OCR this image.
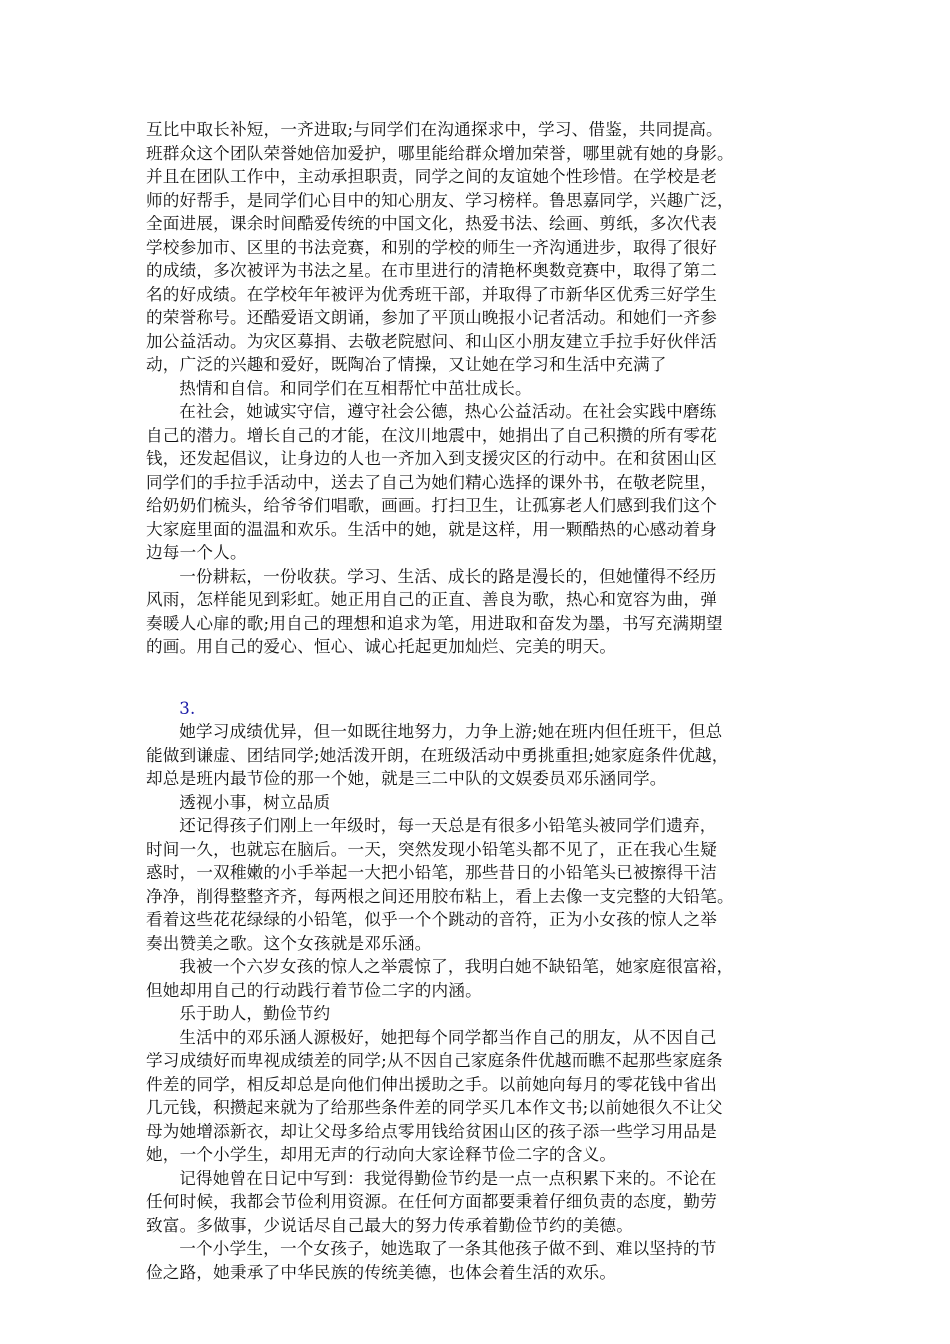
互比中取长补短，一齐进取;与同学们在沟通探求中，学习、借鉴，共同提高。
班群众这个团队荣誉她倍加爱护，哪里能给群众增加荣誉，哪里就有她的身影。
并且在团队工作中，主动承担职责，同学之间的友谊她个性珍惜。在学校是老
师的好帮手，是同学们心目中的知心朋友、学习榜样。鲁思嘉同学，兴趣广泛，
全面进展，课余时间酷爱传统的中国文化，热爱书法、绘画、剪纸，多次代表
学校参加市、区里的书法竞赛，和别的学校的师生一齐沟通进步，取得了很好
的成绩，多次被评为书法之星。在市里进行的清艳杯奥数竞赛中，取得了第二
名的好成绩。在学校年年被评为优秀班干部，并取得了市新华区优秀三好学生
的荣誉称号。还酷爱语文朗诵，参加了平顶山晚报小记者活动。和她们一齐参
加公益活动。为灾区募捐、去敬老院慰问、和山区小朋友建立手拉手好伙伴活
动，广泛的兴趣和爱好，既陶冶了情操，又让她在学习和生活中充满了
热情和自信。和同学们在互相帮忙中茁壮成长。
在社会，她诚实守信，遵守社会公德，热心公益活动。在社会实践中磨练
自己的潜力。增长自己的才能，在汶川地震中，她捐出了自己积攒的所有零花
钱，还发起倡议，让身边的人也一齐加入到支援灾区的行动中。在和贫困山区
同学们的手拉手活动中，送去了自己为她们精心选择的课外书，在敬老院里，
给奶奶们梳头，给爷爷们唱歌，画画。打扫卫生，让孤寡老人们感到我们这个
大家庭里面的温温和欢乐。生活中的她，就是这样，用一颗酷热的心感动着身
边每一个人。
一份耕耘，一份收获。学习、生活、成长的路是漫长的，但她懂得不经历
风雨，怎样能见到彩虹。她正用自己的正直、善良为歌，热心和宽容为曲，弹
奏暖人心扉的歌;用自己的理想和追求为笔，用进取和奋发为墨，书写充满期望
的画。用自己的爱心、恒心、诚心托起更加灿烂、完美的明天。
3.
她学习成绩优异，但一如既往地努力，力争上游;她在班内但任班干，但总
能做到谦虚、团结同学;她活泼开朗，在班级活动中勇挑重担;她家庭条件优越，
却总是班内最节俭的那一个她，就是三二中队的文娱委员邓乐涵同学。
透视小事，树立品质
还记得孩子们刚上一年级时，每一天总是有很多小铅笔头被同学们遗弃，
时间一久，也就忘在脑后。一天，突然发现小铅笔头都不见了，正在我心生疑
惑时，一双稚嫩的小手举起一大把小铅笔，那些昔日的小铅笔头已被擦得干洁
净净，削得整整齐齐，每两根之间还用胶布粘上，看上去像一支完整的大铅笔。
看着这些花花绿绿的小铅笔，似乎一个个跳动的音符，正为小女孩的惊人之举
奏出赞美之歌。这个女孩就是邓乐涵。
我被一个六岁女孩的惊人之举震惊了，我明白她不缺铅笔，她家庭很富裕，
但她却用自己的行动践行着节俭二字的内涵。
乐于助人，勤俭节约
生活中的邓乐涵人源极好，她把每个同学都当作自己的朋友，从不因自己
学习成绩好而卑视成绩差的同学;从不因自己家庭条件优越而瞧不起那些家庭条
件差的同学，相反却总是向他们伸出援助之手。以前她向每月的零花钱中省出
几元钱，积攒起来就为了给那些条件差的同学买几本作文书;以前她很久不让父
母为她增添新衣，却让父母多给点零用钱给贫困山区的孩子添一些学习用品是
她，一个小学生，却用无声的行动向大家诠释节俭二字的含义。
记得她曾在日记中写到：我觉得勤俭节约是一点一点积累下来的。不论在
任何时候，我都会节俭利用资源。在任何方面都要秉着仔细负责的态度，勤劳
致富。多做事，少说话尽自己最大的努力传承着勤俭节约的美德。
一个小学生，一个女孩子，她选取了一条其他孩子做不到、难以坚持的节
俭之路，她秉承了中华民族的传统美德，也体会着生活的欢乐。
